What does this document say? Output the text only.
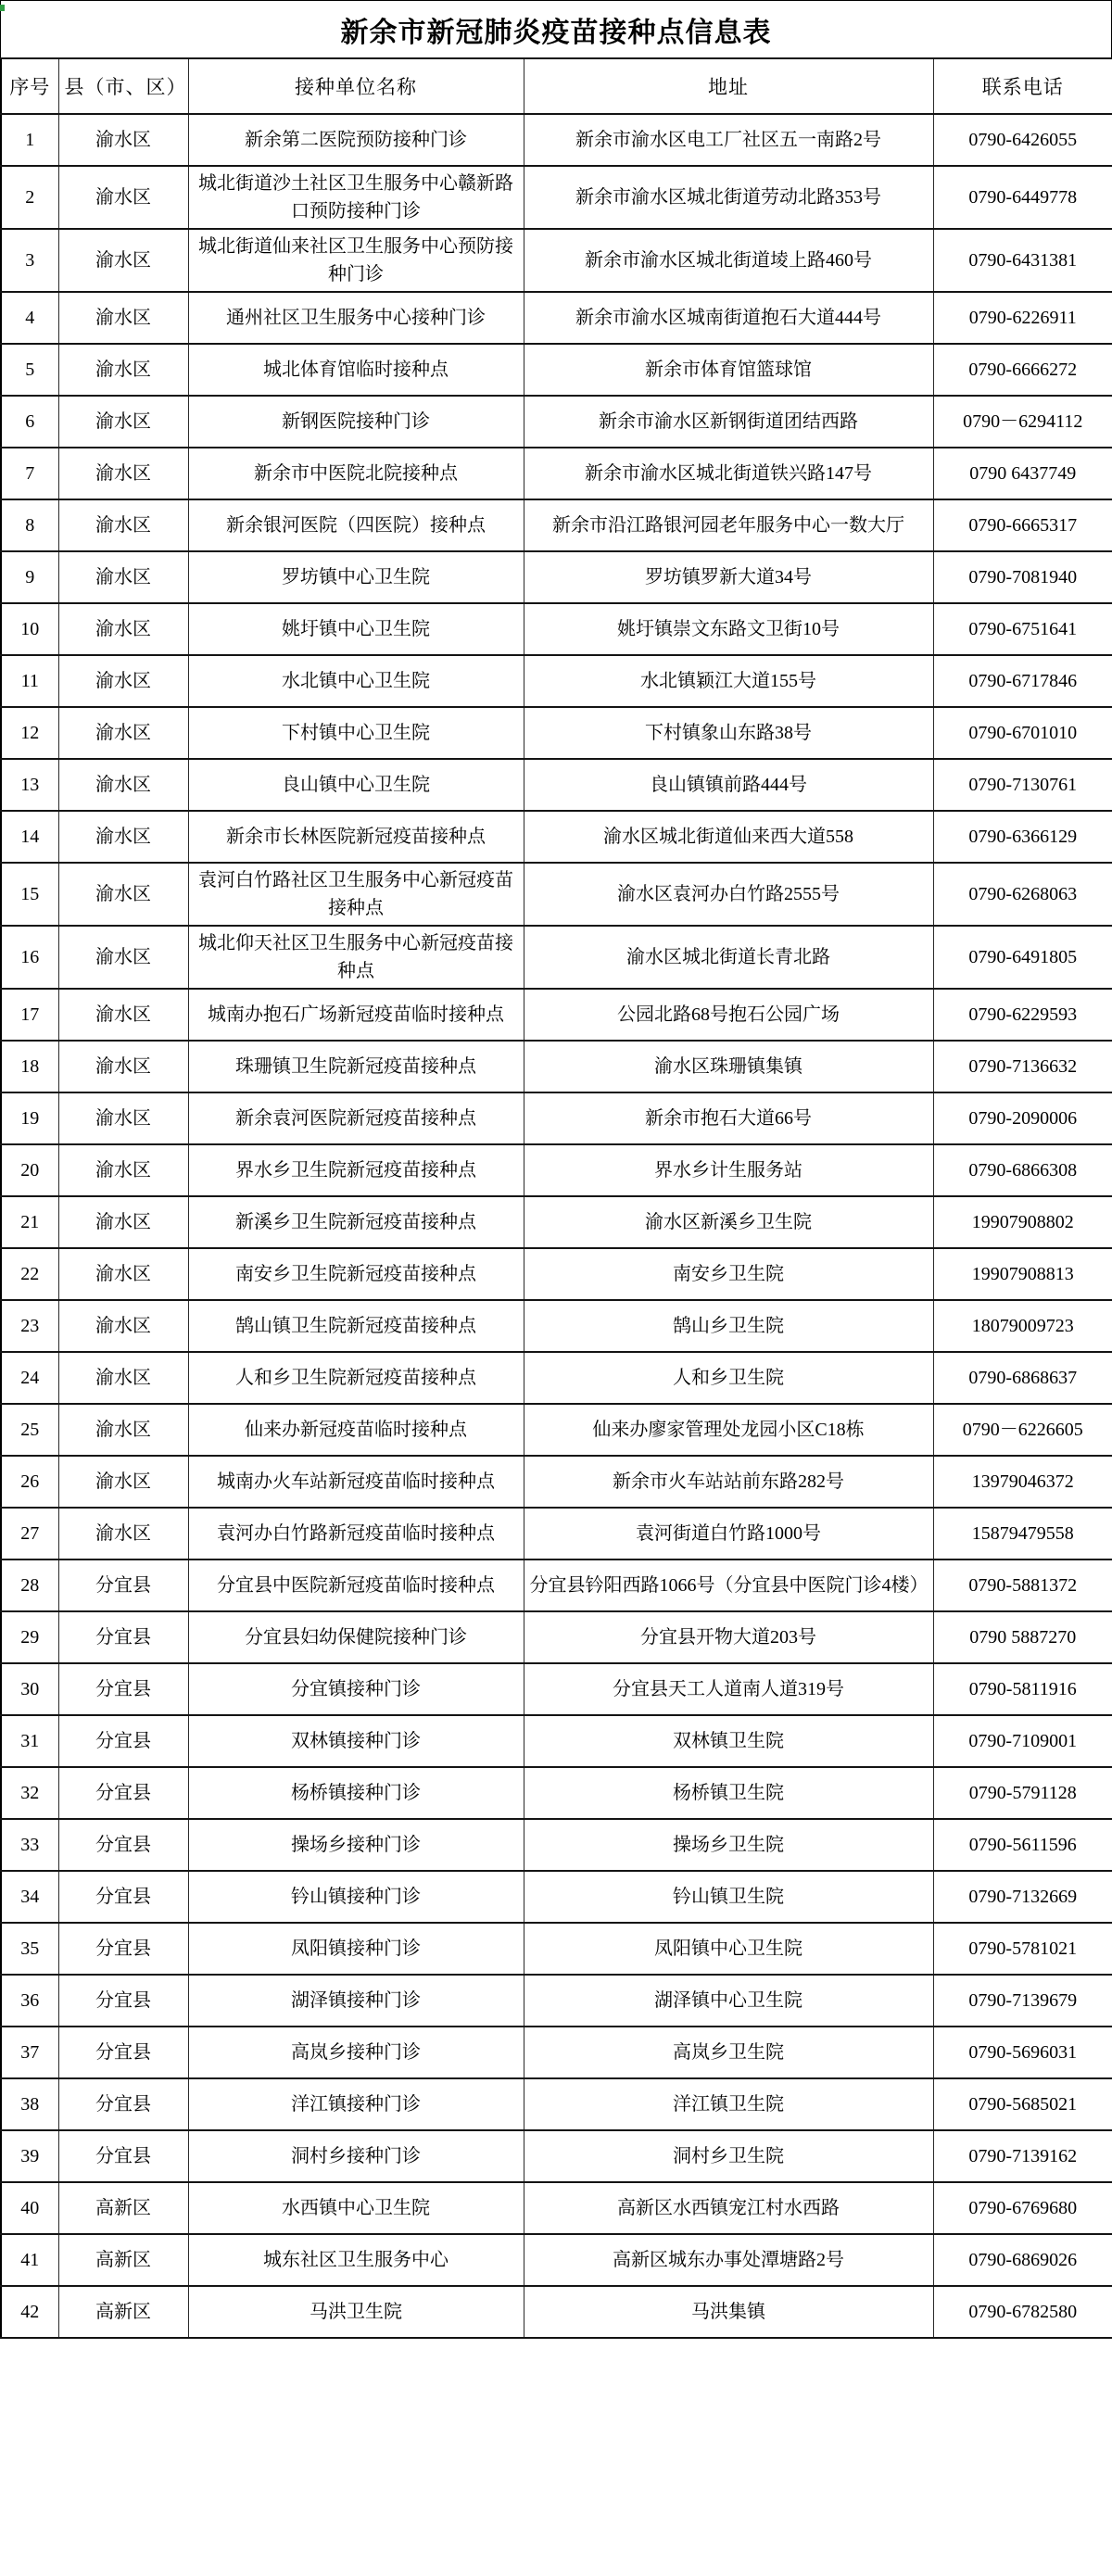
新余市新冠肺炎疫苗接种点信息表
序号	县（市、区）	接种单位名称	地址	联系电话
1	渝水区	新余第二医院预防接种门诊	新余市渝水区电工厂社区五一南路2号	0790-6426055
2	渝水区	城北街道沙土社区卫生服务中心赣新路口预防接种门诊	新余市渝水区城北街道劳动北路353号	0790-6449778
3	渝水区	城北街道仙来社区卫生服务中心预防接种门诊	新余市渝水区城北街道堎上路460号	0790-6431381
4	渝水区	通州社区卫生服务中心接种门诊	新余市渝水区城南街道抱石大道444号	0790-6226911
5	渝水区	城北体育馆临时接种点	新余市体育馆篮球馆	0790-6666272
6	渝水区	新钢医院接种门诊	新余市渝水区新钢街道团结西路	0790－6294112
7	渝水区	新余市中医院北院接种点	新余市渝水区城北街道铁兴路147号	0790 6437749
8	渝水区	新余银河医院（四医院）接种点	新余市沿江路银河园老年服务中心一数大厅	0790-6665317
9	渝水区	罗坊镇中心卫生院	罗坊镇罗新大道34号	0790-7081940
10	渝水区	姚圩镇中心卫生院	姚圩镇崇文东路文卫街10号	0790-6751641
11	渝水区	水北镇中心卫生院	水北镇颖江大道155号	0790-6717846
12	渝水区	下村镇中心卫生院	下村镇象山东路38号	0790-6701010
13	渝水区	良山镇中心卫生院	良山镇镇前路444号	0790-7130761
14	渝水区	新余市长林医院新冠疫苗接种点	渝水区城北街道仙来西大道558	0790-6366129
15	渝水区	袁河白竹路社区卫生服务中心新冠疫苗接种点	渝水区袁河办白竹路2555号	0790-6268063
16	渝水区	城北仰天社区卫生服务中心新冠疫苗接种点	渝水区城北街道长青北路	0790-6491805
17	渝水区	城南办抱石广场新冠疫苗临时接种点	公园北路68号抱石公园广场	0790-6229593
18	渝水区	珠珊镇卫生院新冠疫苗接种点	渝水区珠珊镇集镇	0790-7136632
19	渝水区	新余袁河医院新冠疫苗接种点	新余市抱石大道66号	0790-2090006
20	渝水区	界水乡卫生院新冠疫苗接种点	界水乡计生服务站	0790-6866308
21	渝水区	新溪乡卫生院新冠疫苗接种点	渝水区新溪乡卫生院	19907908802
22	渝水区	南安乡卫生院新冠疫苗接种点	南安乡卫生院	19907908813
23	渝水区	鹄山镇卫生院新冠疫苗接种点	鹄山乡卫生院	18079009723
24	渝水区	人和乡卫生院新冠疫苗接种点	人和乡卫生院	0790-6868637
25	渝水区	仙来办新冠疫苗临时接种点	仙来办廖家管理处龙园小区C18栋	0790－6226605
26	渝水区	城南办火车站新冠疫苗临时接种点	新余市火车站站前东路282号	13979046372
27	渝水区	袁河办白竹路新冠疫苗临时接种点	袁河街道白竹路1000号	15879479558
28	分宜县	分宜县中医院新冠疫苗临时接种点	分宜县钤阳西路1066号（分宜县中医院门诊4楼）	0790-5881372
29	分宜县	分宜县妇幼保健院接种门诊	分宜县开物大道203号	0790 5887270
30	分宜县	分宜镇接种门诊	分宜县天工人道南人道319号	0790-5811916
31	分宜县	双林镇接种门诊	双林镇卫生院	0790-7109001
32	分宜县	杨桥镇接种门诊	杨桥镇卫生院	0790-5791128
33	分宜县	操场乡接种门诊	操场乡卫生院	0790-5611596
34	分宜县	钤山镇接种门诊	钤山镇卫生院	0790-7132669
35	分宜县	凤阳镇接种门诊	凤阳镇中心卫生院	0790-5781021
36	分宜县	湖泽镇接种门诊	湖泽镇中心卫生院	0790-7139679
37	分宜县	高岚乡接种门诊	高岚乡卫生院	0790-5696031
38	分宜县	洋江镇接种门诊	洋江镇卫生院	0790-5685021
39	分宜县	洞村乡接种门诊	洞村乡卫生院	0790-7139162
40	高新区	水西镇中心卫生院	高新区水西镇宠江村水西路	0790-6769680
41	高新区	城东社区卫生服务中心	高新区城东办事处潭塘路2号	0790-6869026
42	高新区	马洪卫生院	马洪集镇	0790-6782580
